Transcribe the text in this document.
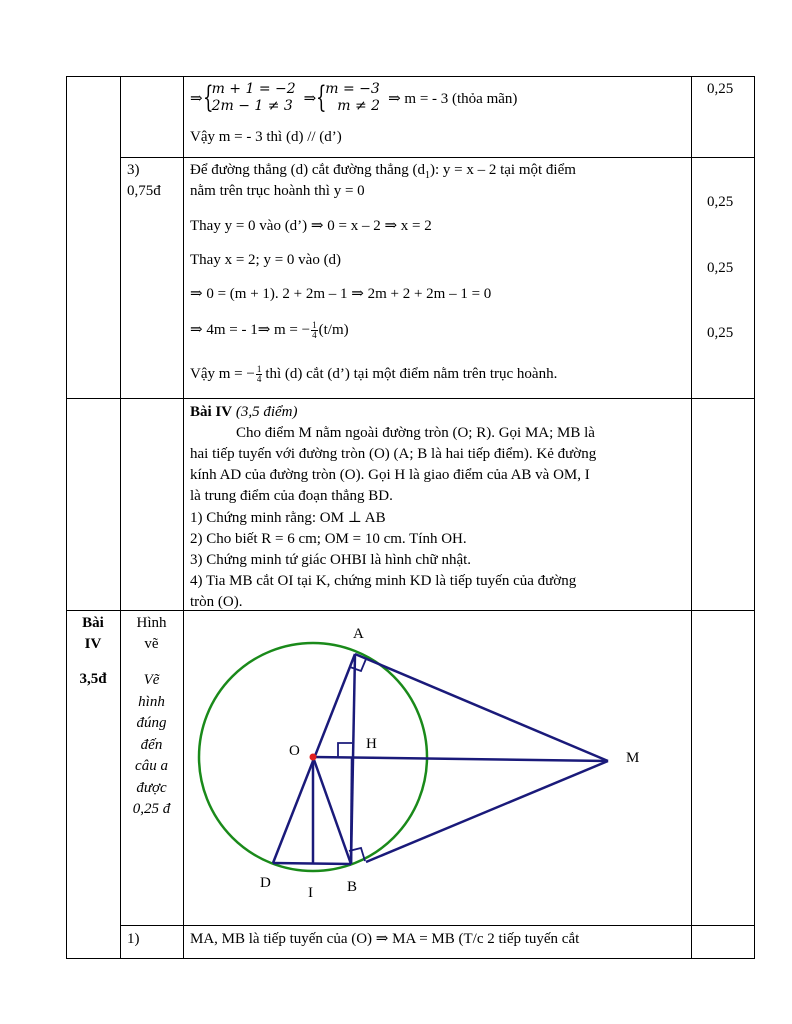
⇒ {
m + 1 = −2
2m − 1 ≠ 3 ⇒ {
m = −3
m ≠ 2 ⇒ m = - 3 (thỏa mãn)
Vậy m = - 3 thì (d) // (d’)
0,25
3)
0,75đ
Để đường thẳng (d) cắt đường thẳng $(d_1)$: y = x – 2 tại một điểm
nằm trên trục hoành thì y = 0
Thay y = 0 vào (d’) ⇒ 0 = x – 2 ⇒ x = 2
Thay x = 2; y = 0 vào (d)
⇒ 0 = (m + 1). 2 + 2m – 1 ⇒ 2m + 2 + 2m – 1 = 0
⇒ 4m = - 1⇒ m = − $\frac{1}{4} (t/m)$
Vậy m = − $\frac{1}{4}$ thì (d) cắt (d’) tại một điểm nằm trên trục hoành.
0,25
0,25
0,25
Bài IV (3,5 điểm)
Cho điểm M nằm ngoài đường tròn (O; R). Gọi MA; MB là
hai tiếp tuyến với đường tròn (O) (A; B là hai tiếp điểm). Kẻ đường
kính AD của đường tròn (O). Gọi H là giao điểm của AB và OM, I
là trung điểm của đoạn thẳng BD.
1) Chứng minh rằng: OM ⊥ AB
2) Cho biết R = 6 cm; OM = 10 cm. Tính OH.
3) Chứng minh tứ giác OHBI là hình chữ nhật.
4) Tia MB cắt OI tại K, chứng minh KD là tiếp tuyến của đường
tròn (O).
Bài
IV
3,5đ
Hình
vẽ
Vẽ
hình
đúng
đến
câu a
được
0,25 đ
A
O	H
M
D
I B
1)	MA, MB là tiếp tuyến của (O) ⇒ MA = MB (T/c 2 tiếp tuyến cắt
